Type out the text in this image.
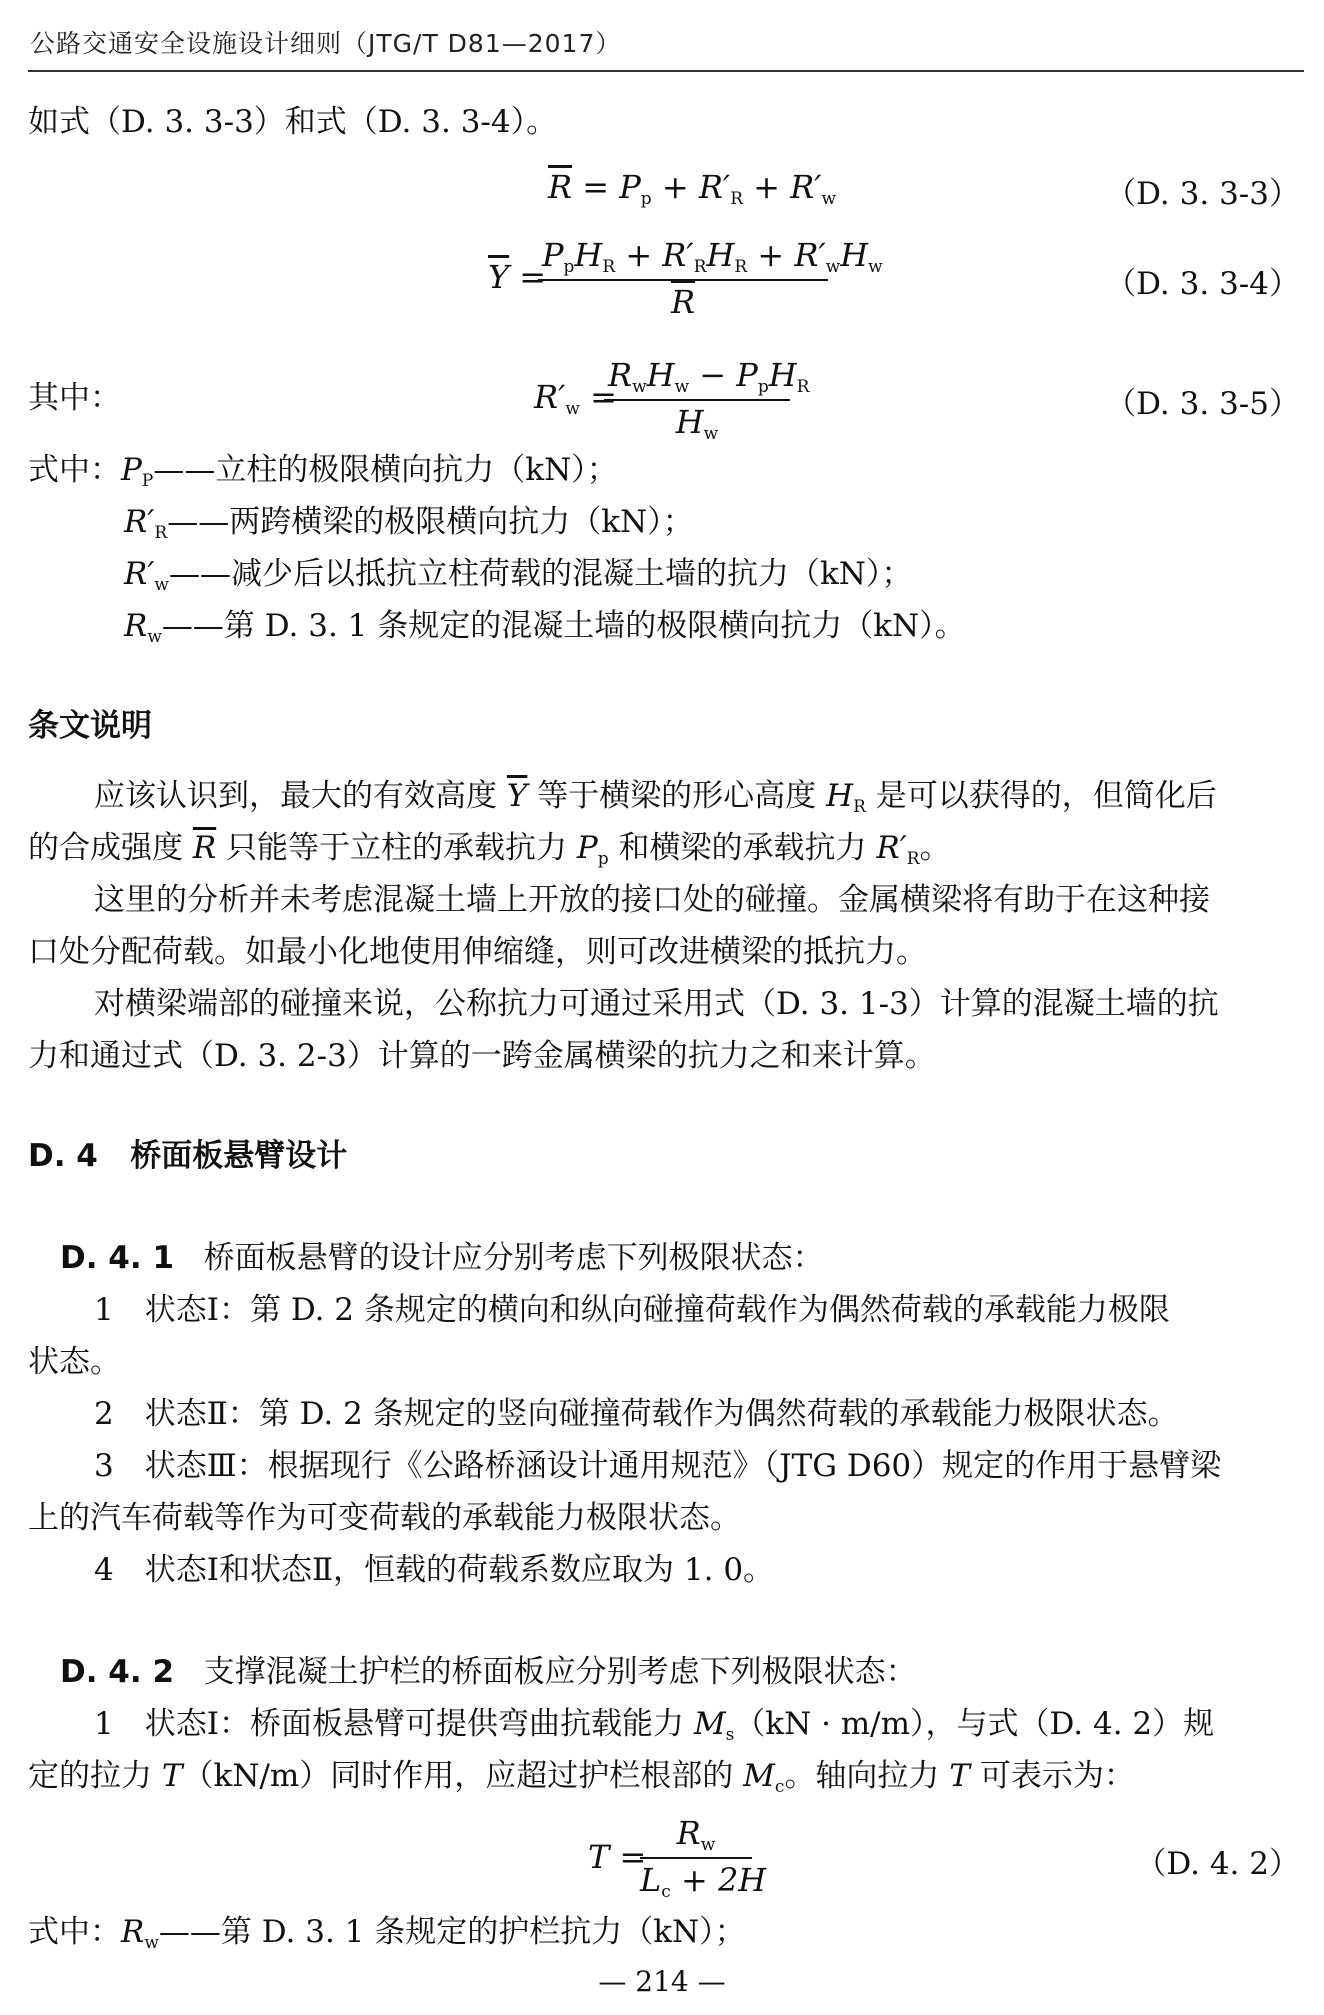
公路交通安全设施设计细则（JTG/T D81—2017）
如式（D. 3. 3-3）和式（D. 3. 3-4）。
$\overline{R} = P_p + R'_R + R'_w$	（D. 3. 3-3）
$\overline{Y}$ =
$P_pH_R + R'_RH_R + R'_wH_w$
$\overline{R}$	（D. 3. 3-4）
其中：	$R'_w$ =
$R_wH_w - P_pH_R$
$H_w$
（D. 3. 3-5）
式中：$P_P——$立柱的极限横向抗力（kN）；
$R'_R——$两跨横梁的极限横向抗力（kN）；
$R'_w——$减少后以抵抗立柱荷载的混凝土墙的抗力（kN）；
$R_w——$第 D. 3. 1 条规定的混凝土墙的极限横向抗力（kN）。
条文说明
应该认识到，最大的有效高度 $\overline{Y}$ 等于横梁的形心高度 $H_R$ 是可以获得的，但简化后
的合成强度 $\overline{R}$ 只能等于立柱的承载抗力 $P_p$ 和横梁的承载抗力 $R'_R$。
这里的分析并未考虑混凝土墙上开放的接口处的碰撞。金属横梁将有助于在这种接
口处分配荷载。如最小化地使用伸缩缝，则可改进横梁的抵抗力。
对横梁端部的碰撞来说，公称抗力可通过采用式（D. 3. 1-3）计算的混凝土墙的抗
力和通过式（D. 3. 2-3）计算的一跨金属横梁的抗力之和来计算。
D. 4 桥面板悬臂设计
D. 4. 1 桥面板悬臂的设计应分别考虑下列极限状态：
1　状态Ⅰ：第 D. 2 条规定的横向和纵向碰撞荷载作为偶然荷载的承载能力极限
状态。
2　状态Ⅱ：第 D. 2 条规定的竖向碰撞荷载作为偶然荷载的承载能力极限状态。
3　状态Ⅲ：根据现行《公路桥涵设计通用规范》（JTG D60）规定的作用于悬臂梁
上的汽车荷载等作为可变荷载的承载能力极限状态。
4　状态Ⅰ和状态Ⅱ，恒载的荷载系数应取为 1. 0。
D. 4. 2 支撑混凝土护栏的桥面板应分别考虑下列极限状态：
1　状态Ⅰ：桥面板悬臂可提供弯曲抗载能力 $M_s(kN \cdot m/m)$，与式（D. 4. 2）规
定的拉力 T（kN/m）同时作用，应超过护栏根部的 $M_c$。轴向拉力 T 可表示为：
T =
$R_w$
$L_c + 2H$	（D. 4. 2）
式中：$R_w——$第 D. 3. 1 条规定的护栏抗力（kN）；
— 214 —
